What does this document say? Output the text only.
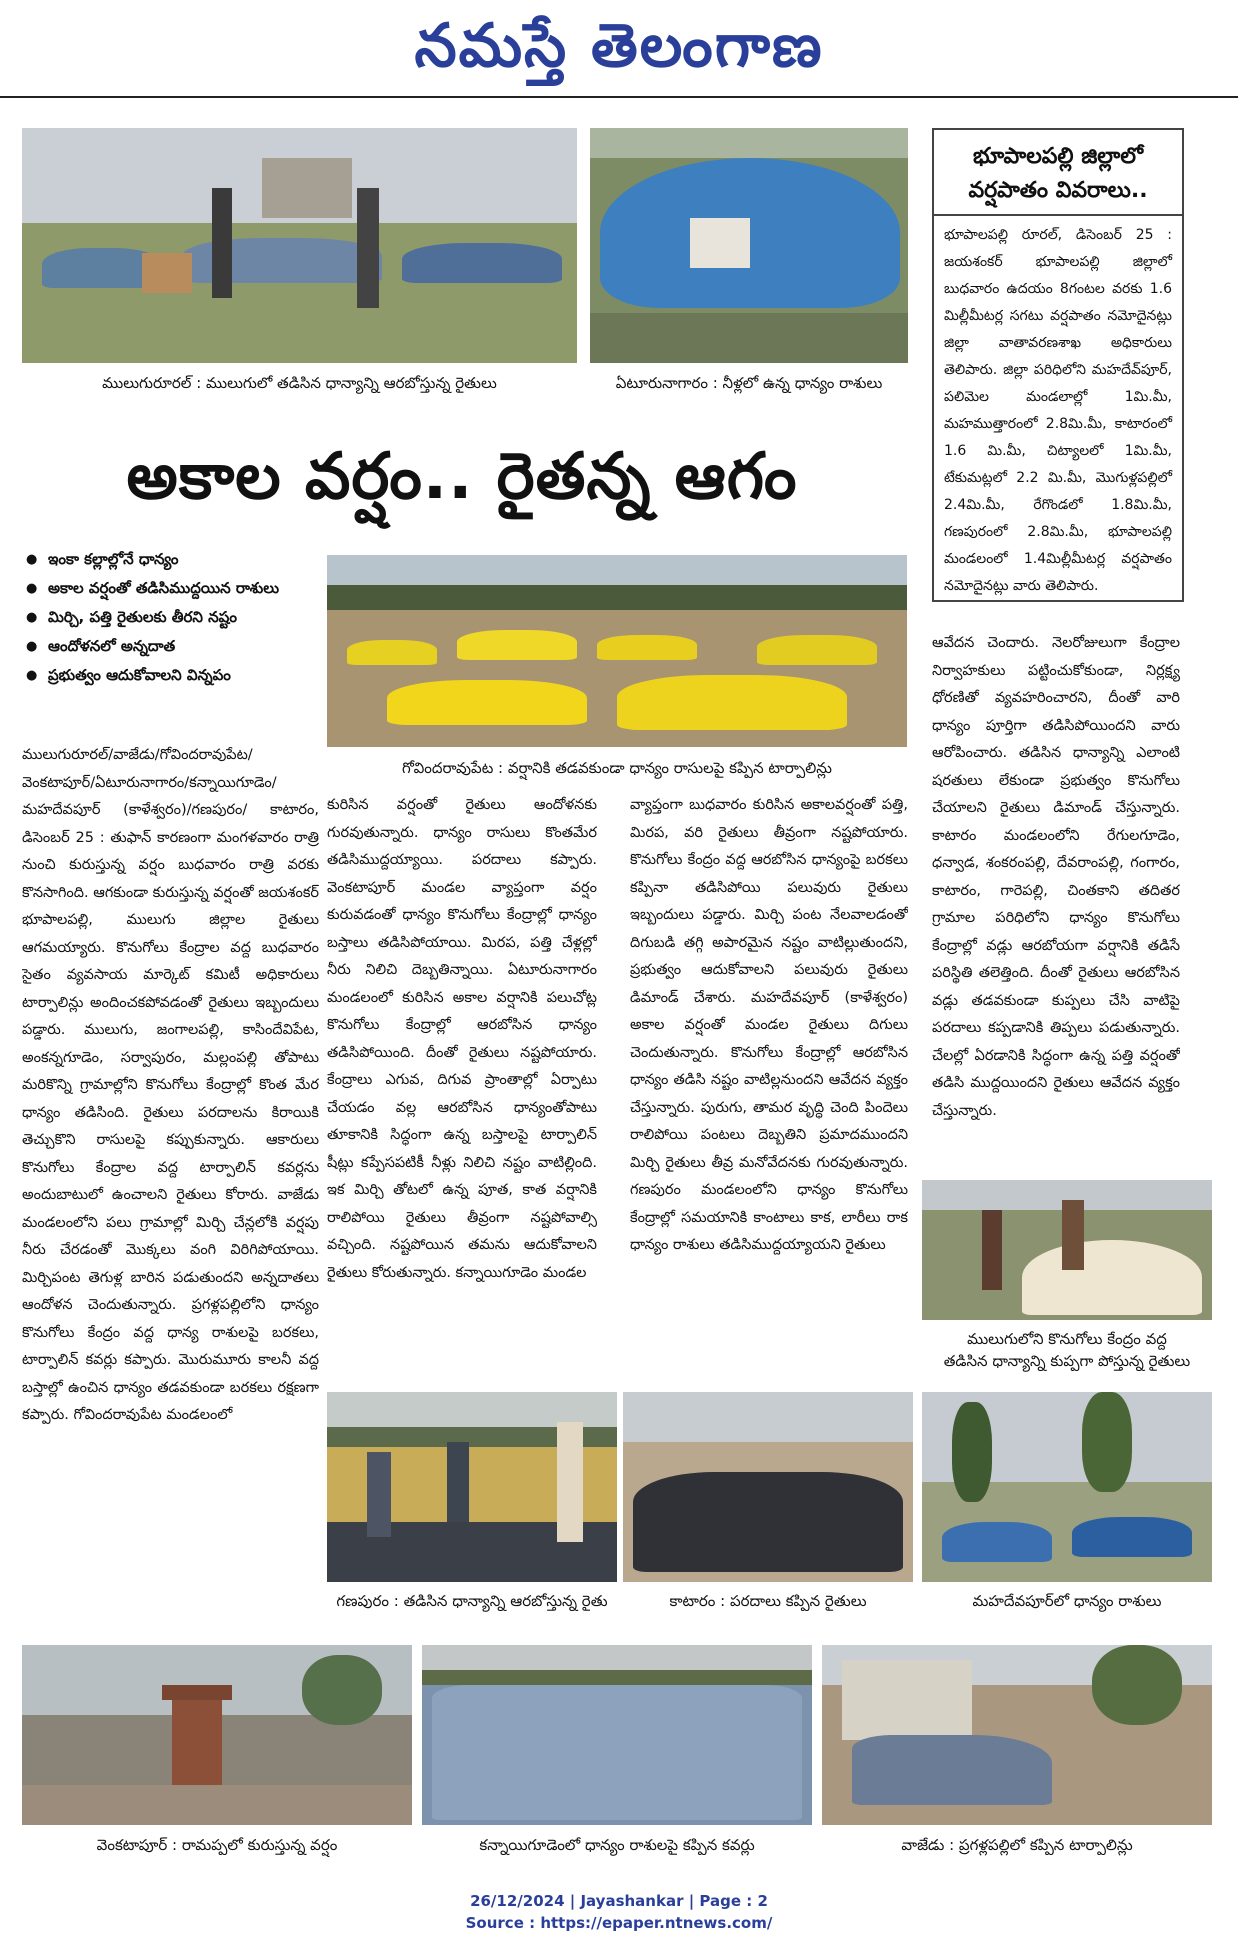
నమస్తే తెలంగాణ
ములుగురూరల్ : ములుగులో తడిసిన ధాన్యాన్ని ఆరబోస్తున్న రైతులు	ఏటూరునాగారం : నీళ్లలో ఉన్న ధాన్యం రాశులు
అకాల వర్షం.. రైతన్న ఆగం
● ఇంకా కల్లాల్లోనే ధాన్యం
● అకాల వర్షంతో తడిసిముద్దయిన రాశులు
● మిర్చి, పత్తి రైతులకు తీరని నష్టం
● ఆందోళనలో అన్నదాత
● ప్రభుత్వం ఆదుకోవాలని విన్నపం
గోవిందరావుపేట : వర్షానికి తడవకుండా ధాన్యం రాసులపై కప్పిన టార్పాలిన్లు
భూపాలపల్లి జిల్లాలో వర్షపాతం వివరాలు..
భూపాలపల్లి రూరల్, డిసెంబర్ 25 : జయశంకర్ భూపాలపల్లి జిల్లాలో బుధవారం ఉదయం 8గంటల వరకు 1.6 మిల్లీమీటర్ల సగటు వర్షపాతం నమోదైనట్లు జిల్లా వాతావరణశాఖ అధికారులు తెలిపారు. జిల్లా పరిధిలోని మహదేవ్‌పూర్, పలిమెల మండలాల్లో 1మి.మీ, మహముత్తారంలో 2.8మి.మీ, కాటారంలో 1.6 మి.మీ, చిట్యాలలో 1మి.మీ, టేకుమట్లలో 2.2 మి.మీ, మొగుళ్లపల్లిలో 2.4మి.మీ, రేగొండలో 1.8మి.మీ, గణపురంలో 2.8మి.మీ, భూపాలపల్లి మండలంలో 1.4మిల్లీమీటర్ల వర్షపాతం నమోదైనట్లు వారు తెలిపారు.
ములుగురూరల్/వాజేడు/గోవిందరావుపేట/ వెంకటాపూర్/ఏటూరునాగారం/కన్నాయిగూడెం/మహదేవపూర్ (కాళేశ్వరం)/గణపురం/ కాటారం, డిసెంబర్ 25 : తుఫాన్ కారణంగా మంగళవారం రాత్రి నుంచి కురుస్తున్న వర్షం బుధవారం రాత్రి వరకు కొనసాగింది. ఆగకుండా కురుస్తున్న వర్షంతో జయశంకర్ భూపాలపల్లి, ములుగు జిల్లాల రైతులు ఆగమయ్యారు. కొనుగోలు కేంద్రాల వద్ద బుధవారం సైతం వ్యవసాయ మార్కెట్ కమిటీ అధికారులు టార్పాలిన్లు అందించకపోవడంతో రైతులు ఇబ్బందులు పడ్డారు. ములుగు, జంగాలపల్లి, కాసిందేవిపేట, అంకన్నగూడెం, సర్వాపురం, మల్లంపల్లి తోపాటు మరికొన్ని గ్రామాల్లోని కొనుగోలు కేంద్రాల్లో కొంత మేర ధాన్యం తడిసింది. రైతులు పరదాలను కిరాయికి తెచ్చుకొని రాసులపై కప్పుకున్నారు. ఆకారులు కొనుగోలు కేంద్రాల వద్ద టార్పాలిన్ కవర్లను అందుబాటులో ఉంచాలని రైతులు కోరారు. వాజేడు మండలంలోని పలు గ్రామాల్లో మిర్చి చేన్లలోకి వర్షపు నీరు చేరడంతో మొక్కలు వంగి విరిగిపోయాయి. మిర్చిపంట తెగుళ్ల బారిన పడుతుందని అన్నదాతలు ఆందోళన చెందుతున్నారు. ప్రగళ్లపల్లిలోని ధాన్యం కొనుగోలు కేంద్రం వద్ద ధాన్య రాశులపై బరకలు, టార్పాలిన్ కవర్లు కప్పారు. మొరుమూరు కాలనీ వద్ద బస్తాల్లో ఉంచిన ధాన్యం తడవకుండా బరకలు రక్షణగా కప్పారు. గోవిందరావుపేట మండలంలో
కురిసిన వర్షంతో రైతులు ఆందోళనకు గురవుతున్నారు. ధాన్యం రాసులు కొంతమేర తడిసిముద్దయ్యాయి. పరదాలు కప్పారు. వెంకటాపూర్ మండల వ్యాప్తంగా వర్షం కురువడంతో ధాన్యం కొనుగోలు కేంద్రాల్లో ధాన్యం బస్తాలు తడిసిపోయాయి. మిరప, పత్తి చేళ్లల్లో నీరు నిలిచి దెబ్బతిన్నాయి. ఏటూరునాగారం మండలంలో కురిసిన అకాల వర్షానికి పలుచోట్ల కొనుగోలు కేంద్రాల్లో ఆరబోసిన ధాన్యం తడిసిపోయింది. దీంతో రైతులు నష్టపోయారు. కేంద్రాలు ఎగువ, దిగువ ప్రాంతాల్లో ఏర్పాటు చేయడం వల్ల ఆరబోసిన ధాన్యంతోపాటు తూకానికి సిద్ధంగా ఉన్న బస్తాలపై టార్పాలిన్ షీట్లు కప్పేసపటికీ నీళ్లు నిలిచి నష్టం వాటిల్లింది. ఇక మిర్చి తోటలో ఉన్న పూత, కాత వర్షానికి రాలిపోయి రైతులు తీవ్రంగా నష్టపోవాల్సి వచ్చింది. నష్టపోయిన తమను ఆదుకోవాలని రైతులు కోరుతున్నారు. కన్నాయిగూడెం మండల
వ్యాప్తంగా బుధవారం కురిసిన అకాలవర్షంతో పత్తి, మిరప, వరి రైతులు తీవ్రంగా నష్టపోయారు. కొనుగోలు కేంద్రం వద్ద ఆరబోసిన ధాన్యంపై బరకలు కప్పినా తడిసిపోయి పలువురు రైతులు ఇబ్బందులు పడ్డారు. మిర్చి పంట నేలవాలడంతో దిగుబడి తగ్గి అపారమైన నష్టం వాటిల్లుతుందని, ప్రభుత్వం ఆదుకోవాలని పలువురు రైతులు డిమాండ్ చేశారు. మహదేవపూర్ (కాళేశ్వరం) అకాల వర్షంతో మండల రైతులు దిగులు చెందుతున్నారు. కొనుగోలు కేంద్రాల్లో ఆరబోసిన ధాన్యం తడిసి నష్టం వాటిల్లనుందని ఆవేదన వ్యక్తం చేస్తున్నారు. పురుగు, తామర వృద్ధి చెంది పిందెలు రాలిపోయి పంటలు దెబ్బతిని ప్రమాదముందని మిర్చి రైతులు తీవ్ర మనోవేదనకు గురవుతున్నారు. గణపురం మండలంలోని ధాన్యం కొనుగోలు కేంద్రాల్లో సమయానికి కాంటాలు కాక, లారీలు రాక ధాన్యం రాశులు తడిసిముద్దయ్యాయని రైతులు
ఆవేదన చెందారు. నెలరోజులుగా కేంద్రాల నిర్వాహకులు పట్టించుకోకుండా, నిర్లక్ష్య ధోరణితో వ్యవహరించారని, దీంతో వారి ధాన్యం పూర్తిగా తడిసిపోయిందని వారు ఆరోపించారు. తడిసిన ధాన్యాన్ని ఎలాంటి షరతులు లేకుండా ప్రభుత్వం కొనుగోలు చేయాలని రైతులు డిమాండ్ చేస్తున్నారు. కాటారం మండలంలోని రేగులగూడెం, ధన్వాడ, శంకరంపల్లి, దేవరాంపల్లి, గంగారం, కాటారం, గారెపల్లి, చింతకాని తదితర గ్రామాల పరిధిలోని ధాన్యం కొనుగోలు కేంద్రాల్లో వడ్లు ఆరబోయగా వర్షానికి తడిసే పరిస్థితి తలెత్తింది. దీంతో రైతులు ఆరబోసిన వడ్లు తడవకుండా కుప్పలు చేసి వాటిపై పరదాలు కప్పడానికి తిప్పలు పడుతున్నారు. చేలల్లో ఏరడానికి సిద్ధంగా ఉన్న పత్తి వర్షంతో తడిసి ముద్దయిందని రైతులు ఆవేదన వ్యక్తం చేస్తున్నారు.
ములుగులోని కొనుగోలు కేంద్రం వద్ద
తడిసిన ధాన్యాన్ని కుప్పగా పోస్తున్న రైతులు
గణపురం : తడిసిన ధాన్యాన్ని ఆరబోస్తున్న రైతు	కాటారం : పరదాలు కప్పిన రైతులు	మహదేవపూర్‌లో ధాన్యం రాశులు
వెంకటాపూర్ : రామప్పలో కురుస్తున్న వర్షం	కన్నాయిగూడెంలో ధాన్యం రాశులపై కప్పిన కవర్లు	వాజేడు : ప్రగళ్లపల్లిలో కప్పిన టార్పాలిన్లు
26/12/2024 | Jayashankar | Page : 2
Source : https://epaper.ntnews.com/
